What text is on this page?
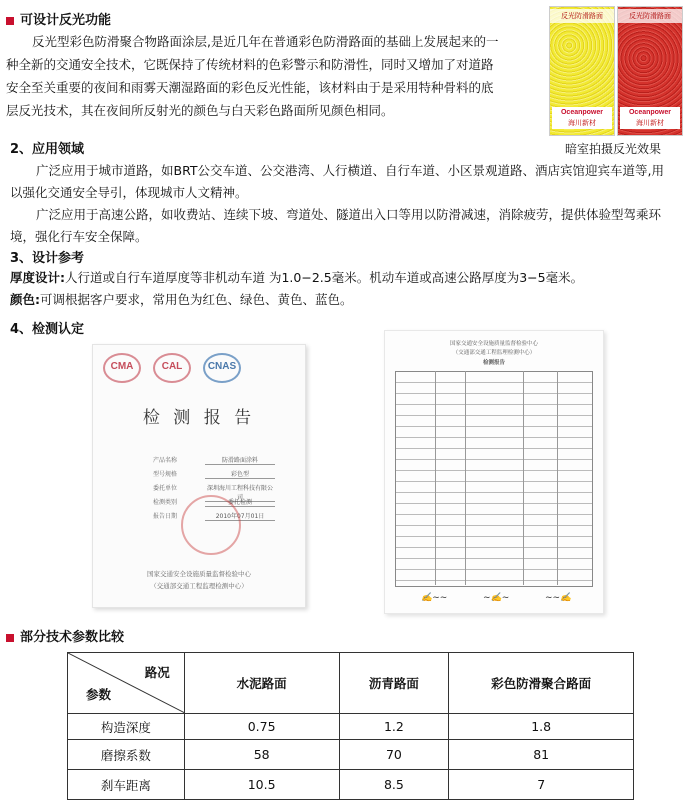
可设计反光功能
反光型彩色防滑聚合物路面涂层,是近几年在普通彩色防滑路面的基础上发展起来的一
种全新的交通安全技术，它既保持了传统材料的色彩警示和防滑性，同时又增加了对道路
安全至关重要的夜间和雨雾天潮湿路面的彩色反光性能，该材料由于是采用特种骨料的底
层反光技术，其在夜间所反射光的颜色与白天彩色路面所见颜色相同。
反光防滑路面
Oceanpower
海川新材
反光防滑路面
Oceanpower
海川新材
暗室拍摄反光效果
2、应用领域
广泛应用于城市道路，如BRT公交车道、公交港湾、人行横道、自行车道、小区景观道路、酒店宾馆迎宾车道等,用
以强化交通安全导引，体现城市人文精神。
广泛应用于高速公路，如收费站、连续下坡、弯道处、隧道出入口等用以防滑减速，消除疲劳，提供体验型驾乘环
境，强化行车安全保障。
3、设计参考
厚度设计:人行道或自行车道厚度等非机动车道 为1.0−2.5毫米。机动车道或高速公路厚度为3−5毫米。
颜色:可调根据客户要求，常用色为红色、绿色、黄色、蓝色。
4、检测认定
CMA	CAL	CNAS
检 测 报 告
产品名称	防滑路面涂料
型号规格	彩色型
委托单位	深圳海川工程科技有限公司
检测类别	委托检测
报告日期	2010年07月01日
国家交通安全设施质量监督检验中心
（交通部交通工程监理检测中心）
国家交通安全设施质量监督检验中心
（交通部交通工程监理检测中心）
检测报告
✍~~	~✍~	~~✍
部分技术参数比较
路况
参数	水泥路面	沥青路面	彩色防滑聚合路面
构造深度	0.75	1.2	1.8
磨擦系数	58	70	81
刹车距离	10.5	8.5	7
